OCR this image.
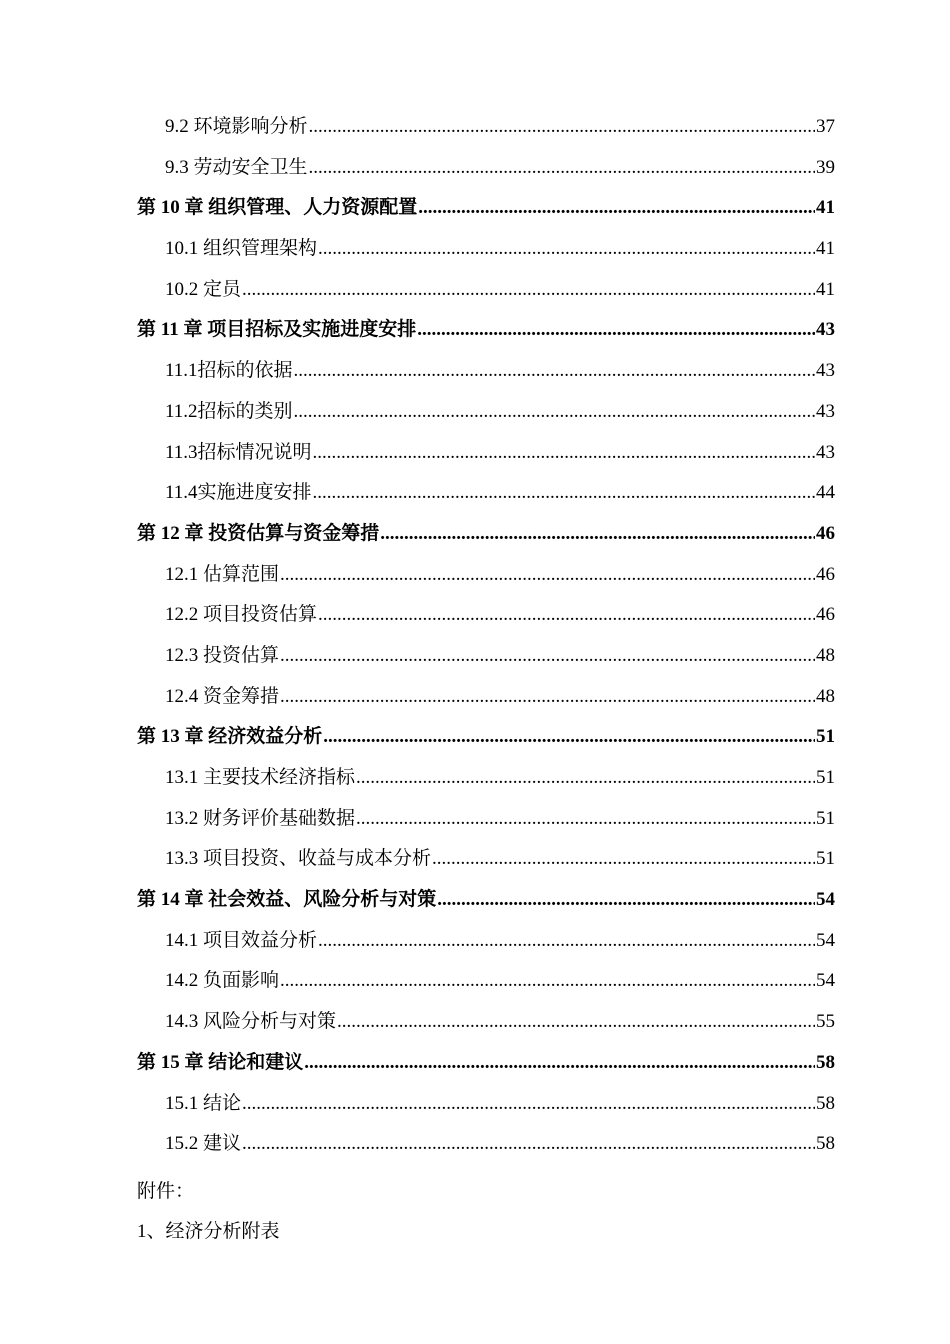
9.2 环境影响分析 .....	37
9.3 劳动安全卫生 .....	39
第 10 章 组织管理、人力资源配置 .....	41
10.1 组织管理架构 .....	41
10.2 定员 .....	41
第 11 章 项目招标及实施进度安排 .....	43
11.1招标的依据 .....	43
11.2招标的类别 .....	43
11.3招标情况说明 .....	43
11.4实施进度安排 .....	44
第 12 章 投资估算与资金筹措 .....	46
12.1 估算范围 .....	46
12.2 项目投资估算 .....	46
12.3 投资估算 .....	48
12.4 资金筹措 .....	48
第 13 章 经济效益分析 .....	51
13.1 主要技术经济指标 .....	51
13.2 财务评价基础数据 .....	51
13.3 项目投资、收益与成本分析 .....	51
第 14 章 社会效益、风险分析与对策 .....	54
14.1 项目效益分析 .....	54
14.2 负面影响 .....	54
14.3 风险分析与对策 .....	55
第 15 章 结论和建议 .....	58
15.1 结论 .....	58
15.2 建议 .....	58
附件：
1、经济分析附表
